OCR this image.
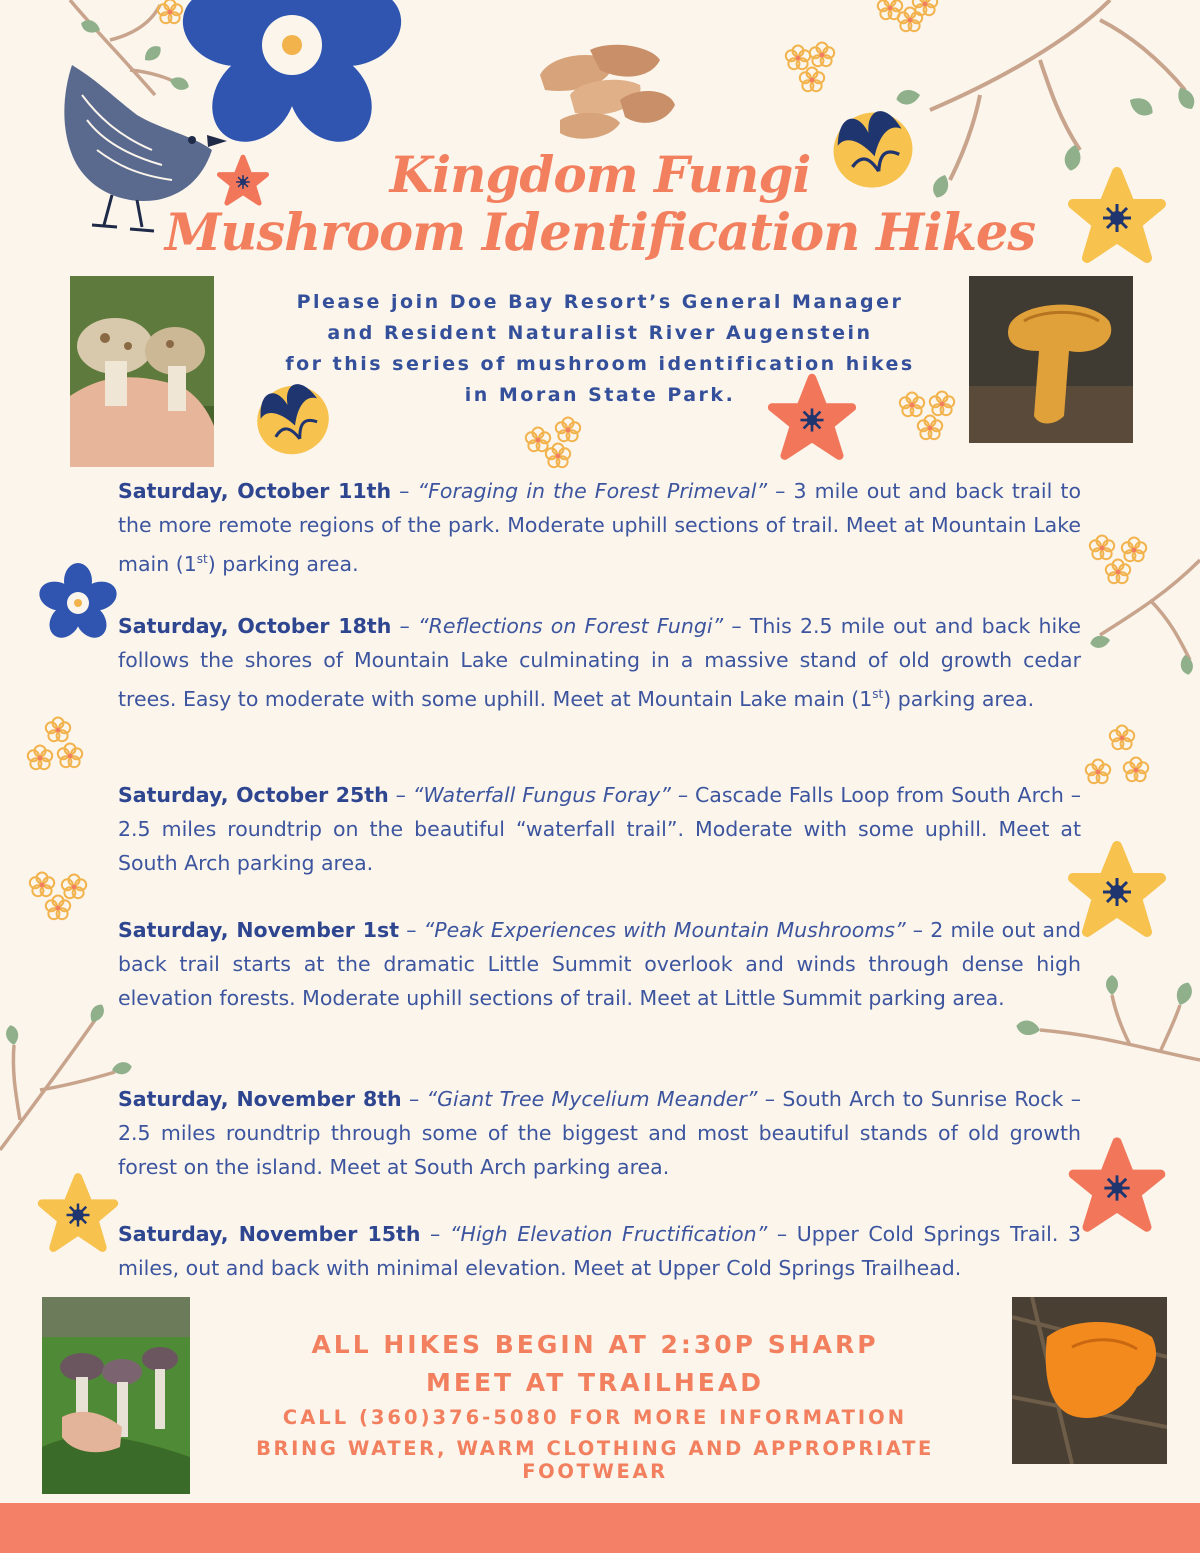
Kingdom Fungi
Mushroom Identification Hikes

Please join Doe Bay Resort’s General Manager
and Resident Naturalist River Augenstein
for this series of mushroom identification hikes
in Moran State Park.

Saturday, October 11th – “Foraging in the Forest Primeval” – 3 mile out and back trail to the more remote regions of the park. Moderate uphill sections of trail. Meet at Mountain Lake main (1st) parking area.

Saturday, October 18th – “Reflections on Forest Fungi” – This 2.5 mile out and back hike follows the shores of Mountain Lake culminating in a massive stand of old growth cedar trees. Easy to moderate with some uphill. Meet at Mountain Lake main (1st) parking area.

Saturday, October 25th – “Waterfall Fungus Foray” – Cascade Falls Loop from South Arch – 2.5 miles roundtrip on the beautiful “waterfall trail”. Moderate with some uphill. Meet at South Arch parking area.

Saturday, November 1st – “Peak Experiences with Mountain Mushrooms” – 2 mile out and back trail starts at the dramatic Little Summit overlook and winds through dense high elevation forests. Moderate uphill sections of trail. Meet at Little Summit parking area.

Saturday, November 8th – “Giant Tree Mycelium Meander” – South Arch to Sunrise Rock – 2.5 miles roundtrip through some of the biggest and most beautiful stands of old growth forest on the island. Meet at South Arch parking area.

Saturday, November 15th – “High Elevation Fructification” – Upper Cold Springs Trail. 3 miles, out and back with minimal elevation. Meet at Upper Cold Springs Trailhead.

ALL HIKES BEGIN AT 2:30P SHARP

MEET AT TRAILHEAD

CALL (360)376-5080 FOR MORE INFORMATION

BRING WATER, WARM CLOTHING AND APPROPRIATE FOOTWEAR
